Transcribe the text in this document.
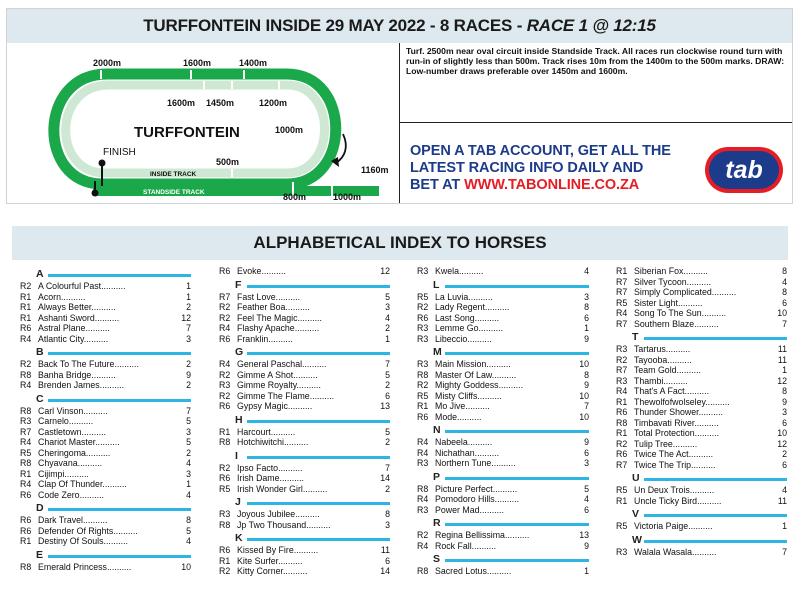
TURFFONTEIN INSIDE 29 MAY 2022 - 8 RACES - RACE 1 @ 12:15
2000m	1600m	1400m
1600m 1450m	1200m
1000m
500m
1160m
800m	1000m
TURFFONTEIN
FINISH
INSIDE TRACK
STANDSIDE TRACK
Turf. 2500m near oval circuit inside Standside Track. All races run clockwise round turn with run-in of slightly less than 500m. Track rises 10m from the 1400m to the 500m marks. DRAW: Low-number draws preferable over 1450m and 1600m.
OPEN A TAB ACCOUNT, GET ALL THE
LATEST RACING INFO DAILY AND
BET AT WWW.TABONLINE.CO.ZA
tab
ALPHABETICAL INDEX TO HORSES
A
R2 A Colourful Past..........	1
R1 Acorn..........	1
R1 Always Better..........	2
R1 Ashanti Sword..........	12
R6 Astral Plane..........	7
R4 Atlantic City..........	3
B
R2 Back To The Future..........	2
R8 Banha Bridge..........	9
R4 Brenden James..........	2
C
R8 Carl Vinson..........	7
R3 Carnelo..........	5
R7 Castletown..........	3
R4 Chariot Master..........	5
R5 Cheringoma..........	2
R8 Chyavana..........	4
R1 Cijimpi..........	3
R4 Clap Of Thunder..........	1
R6 Code Zero..........	4
D
R6 Dark Travel..........	8
R6 Defender Of Rights..........	5
R1 Destiny Of Souls..........	4
E
R8 Emerald Princess..........	10
R6 Evoke..........	12
F
R7 Fast Love..........	5
R2 Feather Boa..........	3
R2 Feel The Magic..........	4
R4 Flashy Apache..........	2
R6 Franklin..........	1
G
R4 General Paschal..........	7
R2 Gimme A Shot..........	5
R3 Gimme Royalty..........	2
R2 Gimme The Flame..........	6
R6 Gypsy Magic..........	13
H
R1 Harcourt..........	5
R8 Hotchiwitchi..........	2
I
R2 Ipso Facto..........	7
R6 Irish Dame..........	14
R5 Irish Wonder Girl..........	2
J
R3 Joyous Jubilee..........	8
R8 Jp Two Thousand..........	3
K
R6 Kissed By Fire..........	11
R1 Kite Surfer..........	6
R2 Kitty Corner..........	14
R3 Kwela..........	4
L
R5 La Luvia..........	3
R2 Lady Regent..........	8
R6 Last Song..........	6
R3 Lemme Go..........	1
R3 Libeccio..........	9
M
R3 Main Mission..........	10
R8 Master Of Law..........	8
R2 Mighty Goddess..........	9
R5 Misty Cliffs..........	10
R1 Mo Jive..........	7
R6 Mode..........	10
N
R4 Nabeela..........	9
R4 Nichathan..........	6
R3 Northern Tune..........	3
P
R8 Picture Perfect..........	5
R4 Pomodoro Hills..........	4
R3 Power Mad..........	6
R
R2 Regina Bellissima..........	13
R4 Rock Fall..........	9
S
R8 Sacred Lotus..........	1
R1 Siberian Fox..........	8
R7 Silver Tycoon..........	4
R7 Simply Complicated..........	8
R5 Sister Light..........	6
R4 Song To The Sun..........	10
R7 Southern Blaze..........	7
T
R3 Tartarus..........	11
R2 Tayooba..........	11
R7 Team Gold..........	1
R3 Thambi..........	12
R4 That's A Fact..........	8
R1 Thewolfofwolseley..........	9
R6 Thunder Shower..........	3
R8 Timbavati River..........	6
R1 Total Protection..........	10
R2 Tulip Tree..........	12
R6 Twice The Act..........	2
R7 Twice The Trip..........	6
U
R5 Un Deux Trois..........	4
R1 Uncle Ticky Bird..........	11
V
R5 Victoria Paige..........	1
W
R3 Walala Wasala..........	7
